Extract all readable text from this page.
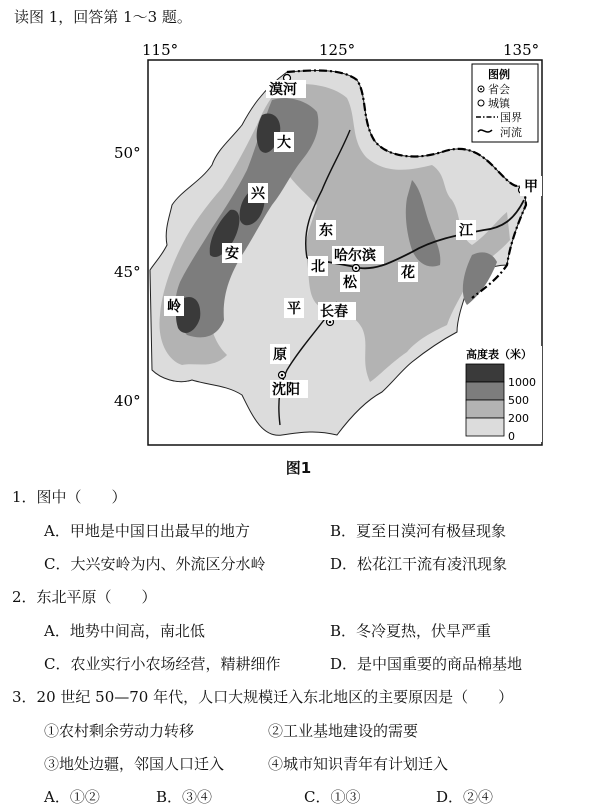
读图 1，回答第 1～3 题。
115°	125°	135°
50°
45°
40°
漠河
大
兴
安
岭
甲
东
北
哈尔滨
松
花
江
平 长春
原
沈阳
图例
省会
城镇
国界
河流
高度表（米）
1000
500
200
0
图1
1．图中（　　）
A．甲地是中国日出最早的地方	B．夏至日漠河有极昼现象
C．大兴安岭为内、外流区分水岭	D．松花江干流有凌汛现象
2．东北平原（　　）
A．地势中间高，南北低	B．冬冷夏热，伏旱严重
C．农业实行小农场经营，精耕细作	D．是中国重要的商品棉基地
3．20 世纪 50—70 年代，人口大规模迁入东北地区的主要原因是（　　）
①农村剩余劳动力转移	②工业基地建设的需要
③地处边疆，邻国人口迁入	④城市知识青年有计划迁入
A．①②	B．③④	C．①③	D．②④
